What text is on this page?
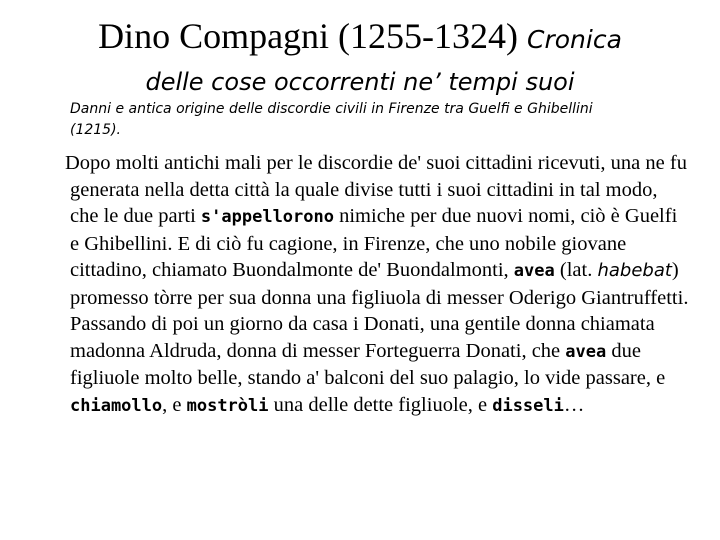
Dino Compagni (1255-1324) Cronica
delle cose occorrenti ne’ tempi suoi
Danni e antica origine delle discordie civili in Firenze tra Guelfi e Ghibellini (1215).
Dopo molti antichi mali per le discordie de' suoi cittadini ricevuti, una ne fu generata nella detta città la quale divise tutti i suoi cittadini in tal modo, che le due parti s'appellorono nimiche per due nuovi nomi, ciò è Guelfi e Ghibellini. E di ciò fu cagione, in Firenze, che uno nobile giovane cittadino, chiamato Buondalmonte de' Buondalmonti, avea (lat. habebat) promesso tòrre per sua donna una figliuola di messer Oderigo Giantruffetti. Passando di poi un giorno da casa i Donati, una gentile donna chiamata madonna Aldruda, donna di messer Forteguerra Donati, che avea due figliuole molto belle, stando a' balconi del suo palagio, lo vide passare, e chiamollo, e mostròli una delle dette figliuole, e disseli…
